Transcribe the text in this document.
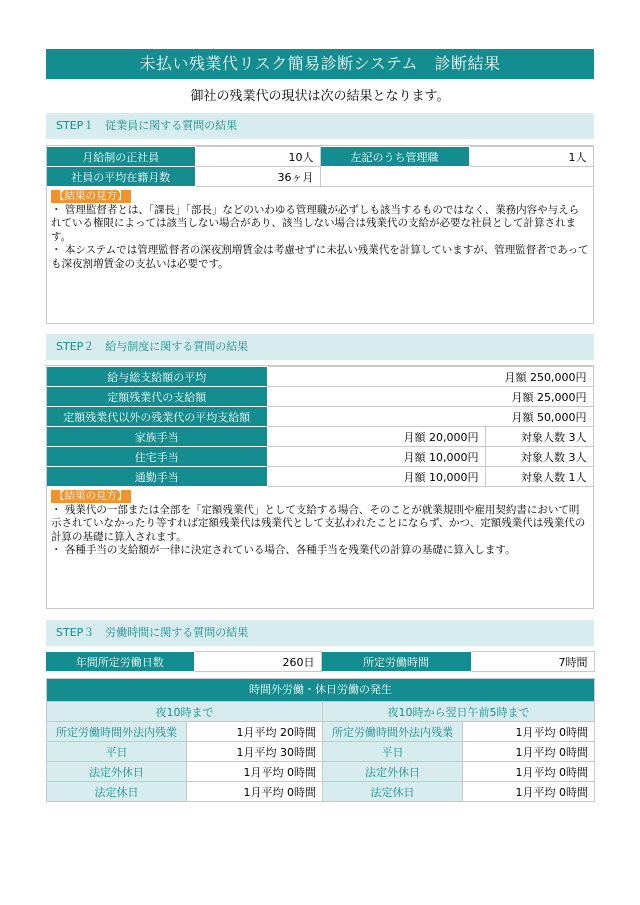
未払い残業代リスク簡易診断システム　診断結果
御社の残業代の現状は次の結果となります。
STEP１　従業員に関する質問の結果
月給制の正社員	10人	左記のうち管理職	1人
社員の平均在籍月数	36ヶ月		
【結果の見方】
・ 管理監督者とは、「課長」「部長」などのいわゆる管理職が必ずしも該当するものではなく、業務内容や与えられている権限によっては該当しない場合があり、該当しない場合は残業代の支給が必要な社員として計算されます。
・ 本システムでは管理監督者の深夜割増賃金は考慮せずに未払い残業代を計算していますが、管理監督者であっても深夜割増賃金の支払いは必要です。
STEP２　給与制度に関する質問の結果
給与総支給額の平均	月額 250,000円	
定額残業代の支給額	月額 25,000円	
定額残業代以外の残業代の平均支給額	月額 50,000円	
家族手当	月額 20,000円	対象人数 3人
住宅手当	月額 10,000円	対象人数 3人
通勤手当	月額 10,000円	対象人数 1人
【結果の見方】
・ 残業代の一部または全部を「定額残業代」として支給する場合、そのことが就業規則や雇用契約書において明示されていなかったり等すれば定額残業代は残業代として支払われたことにならず、かつ、定額残業代は残業代の計算の基礎に算入されます。
・ 各種手当の支給額が一律に決定されている場合、各種手当を残業代の計算の基礎に算入します。
STEP３　労働時間に関する質問の結果
年間所定労働日数	260日	所定労働時間	7時間
時間外労働・休日労働の発生			
夜10時まで		夜10時から翌日午前5時まで	
所定労働時間外法内残業	1月平均 20時間	所定労働時間外法内残業	1月平均 0時間
平日	1月平均 30時間	平日	1月平均 0時間
法定外休日	1月平均 0時間	法定外休日	1月平均 0時間
法定休日	1月平均 0時間	法定休日	1月平均 0時間
